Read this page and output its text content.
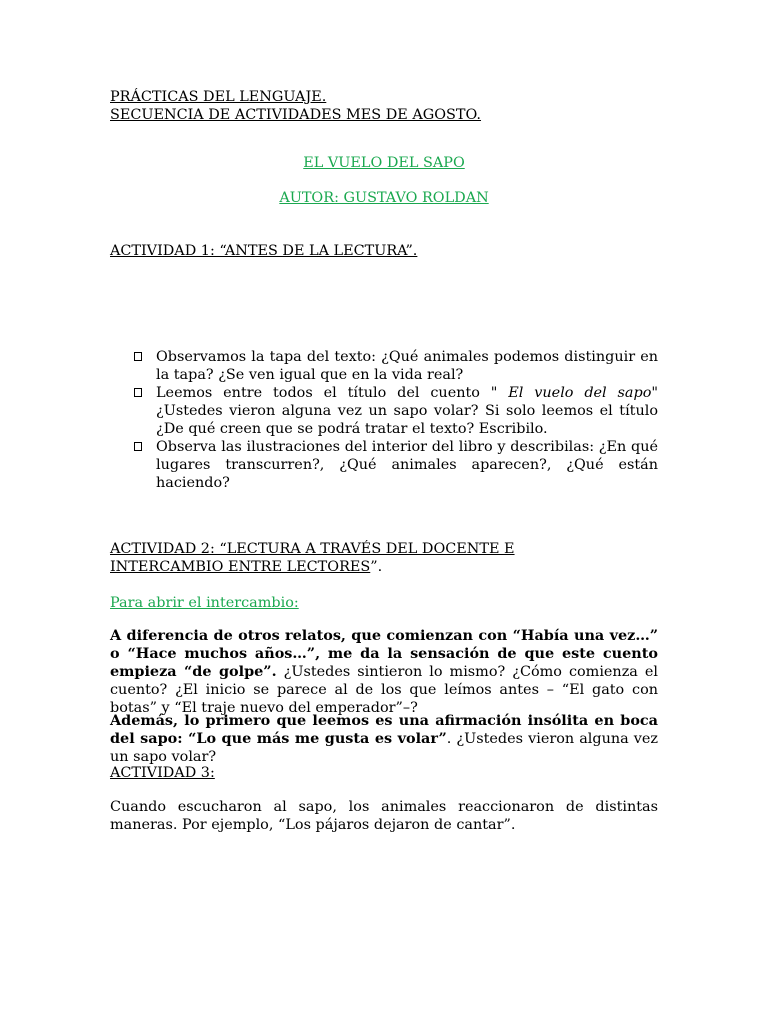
PRÁCTICAS DEL LENGUAJE.
SECUENCIA DE ACTIVIDADES MES DE AGOSTO.
EL VUELO DEL SAPO
AUTOR: GUSTAVO ROLDAN
ACTIVIDAD 1: “ANTES DE LA LECTURA”.
Observamos la tapa del texto: ¿Qué animales podemos distinguir en la tapa? ¿Se ven igual que en la vida real?
Leemos entre todos el título del cuento " El vuelo del sapo" ¿Ustedes vieron alguna vez un sapo volar? Si solo leemos el título ¿De qué creen que se podrá tratar el texto? Escribilo.
Observa las ilustraciones del interior del libro y describilas: ¿En qué lugares transcurren?, ¿Qué animales aparecen?, ¿Qué están haciendo?
ACTIVIDAD 2: “LECTURA A TRAVÉS DEL DOCENTE E INTERCAMBIO ENTRE LECTORES”.
Para abrir el intercambio:
A diferencia de otros relatos, que comienzan con “Había una vez…” o “Hace muchos años…”, me da la sensación de que este cuento empieza “de golpe”. ¿Ustedes sintieron lo mismo? ¿Cómo comienza el cuento? ¿El inicio se parece al de los que leímos antes – “El gato con botas” y “El traje nuevo del emperador”–?
Además, lo primero que leemos es una afirmación insólita en boca del sapo: “Lo que más me gusta es volar”. ¿Ustedes vieron alguna vez un sapo volar?
ACTIVIDAD 3:
Cuando escucharon al sapo, los animales reaccionaron de distintas maneras. Por ejemplo, “Los pájaros dejaron de cantar”.
